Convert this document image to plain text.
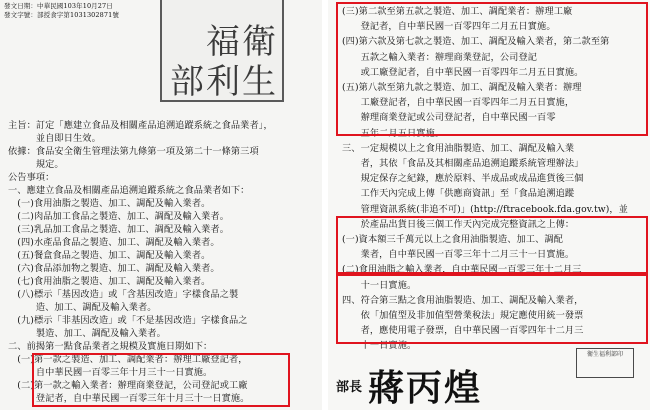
發文日期：中華民國103年10月27日
發文字號：部授食字第1031302871號
部 利 生
福 衛
主旨：訂定「應建立食品及相關產品追溯追蹤系統之食品業者」，
　　　並自即日生效。
依據：食品安全衛生管理法第九條第一項及第二十一條第三項
　　　規定。
公告事項：
一、應建立食品及相關產品追溯追蹤系統之食品業者如下：
　(一)食用油脂之製造、加工、調配及輸入業者。
　(二)肉品加工食品之製造、加工、調配及輸入業者。
　(三)乳品加工食品之製造、加工、調配及輸入業者。
　(四)水產品食品之製造、加工、調配及輸入業者。
　(五)餐盒食品之製造、加工、調配及輸入業者。
　(六)食品添加物之製造、加工、調配及輸入業者。
　(七)食用油脂之製造、加工、調配及輸入業者。
　(八)標示「基因改造」或「含基因改造」字樣食品之製
　　　造、加工、調配及輸入業者。
　(九)標示「非基因改造」或「不是基因改造」字樣食品之
　　　製造、加工、調配及輸入業者。
二、前揭第一點食品業者之規模及實施日期如下：
　(一)第一款之製造、加工、調配業者：辦理工廠登記者，
　　　自中華民國一百零三年十月三十一日實施。
　(二)第一款之輸入業者：辦理商業登記，公司登記或工廠
　　　登記者，自中華民國一百零三年十月三十一日實施。
(三)第二款至第五款之製造、加工、調配業者：辦理工廠
　　登記者，自中華民國一百零四年二月五日實施。
(四)第六款及第七款之製造、加工、調配及輸入業者，第二款至第
　　五款之輸入業者：辦理商業登記，公司登記
　　或工廠登記者，自中華民國一百零四年二月五日實施。
(五)第八款至第九款之製造、加工、調配及輸入業者：辦理
　　工廠登記者，自中華民國一百零四年二月五日實施，
　　辦理商業登記或公司登記者，自中華民國一百零
　　五年二月五日實施。
三、一定規模以上之食用油脂製造、加工、調配及輸入業
　　者，其依「食品及其相關產品追溯追蹤系統管理辦法」
　　規定保存之紀錄，應於原料、半成品或成品進貨後三個
　　工作天內完成上傳「供應商資訊」至「食品追溯追蹤
　　管理資訊系統(非追不可)」(http://ftracebook.fda.gov.tw)，並
　　於產品出貨日後三個工作天內完成完整資訊之上傳：
(一)資本額三千萬元以上之食用油脂製造、加工、調配
　　業者，自中華民國一百零三年十二月三十一日實施。
(二)食用油脂之輸入業者，自中華民國一百零三年十二月三
　　十一日實施。
四、符合第三點之食用油脂製造、加工、調配及輸入業者，
　　依「加值型及非加值型營業稅法」規定應使用統一發票
　　者，應使用電子發票，自中華民國一百零四年十二月三
　　十一日實施。
衛生福利部印
部長 蔣丙煌
